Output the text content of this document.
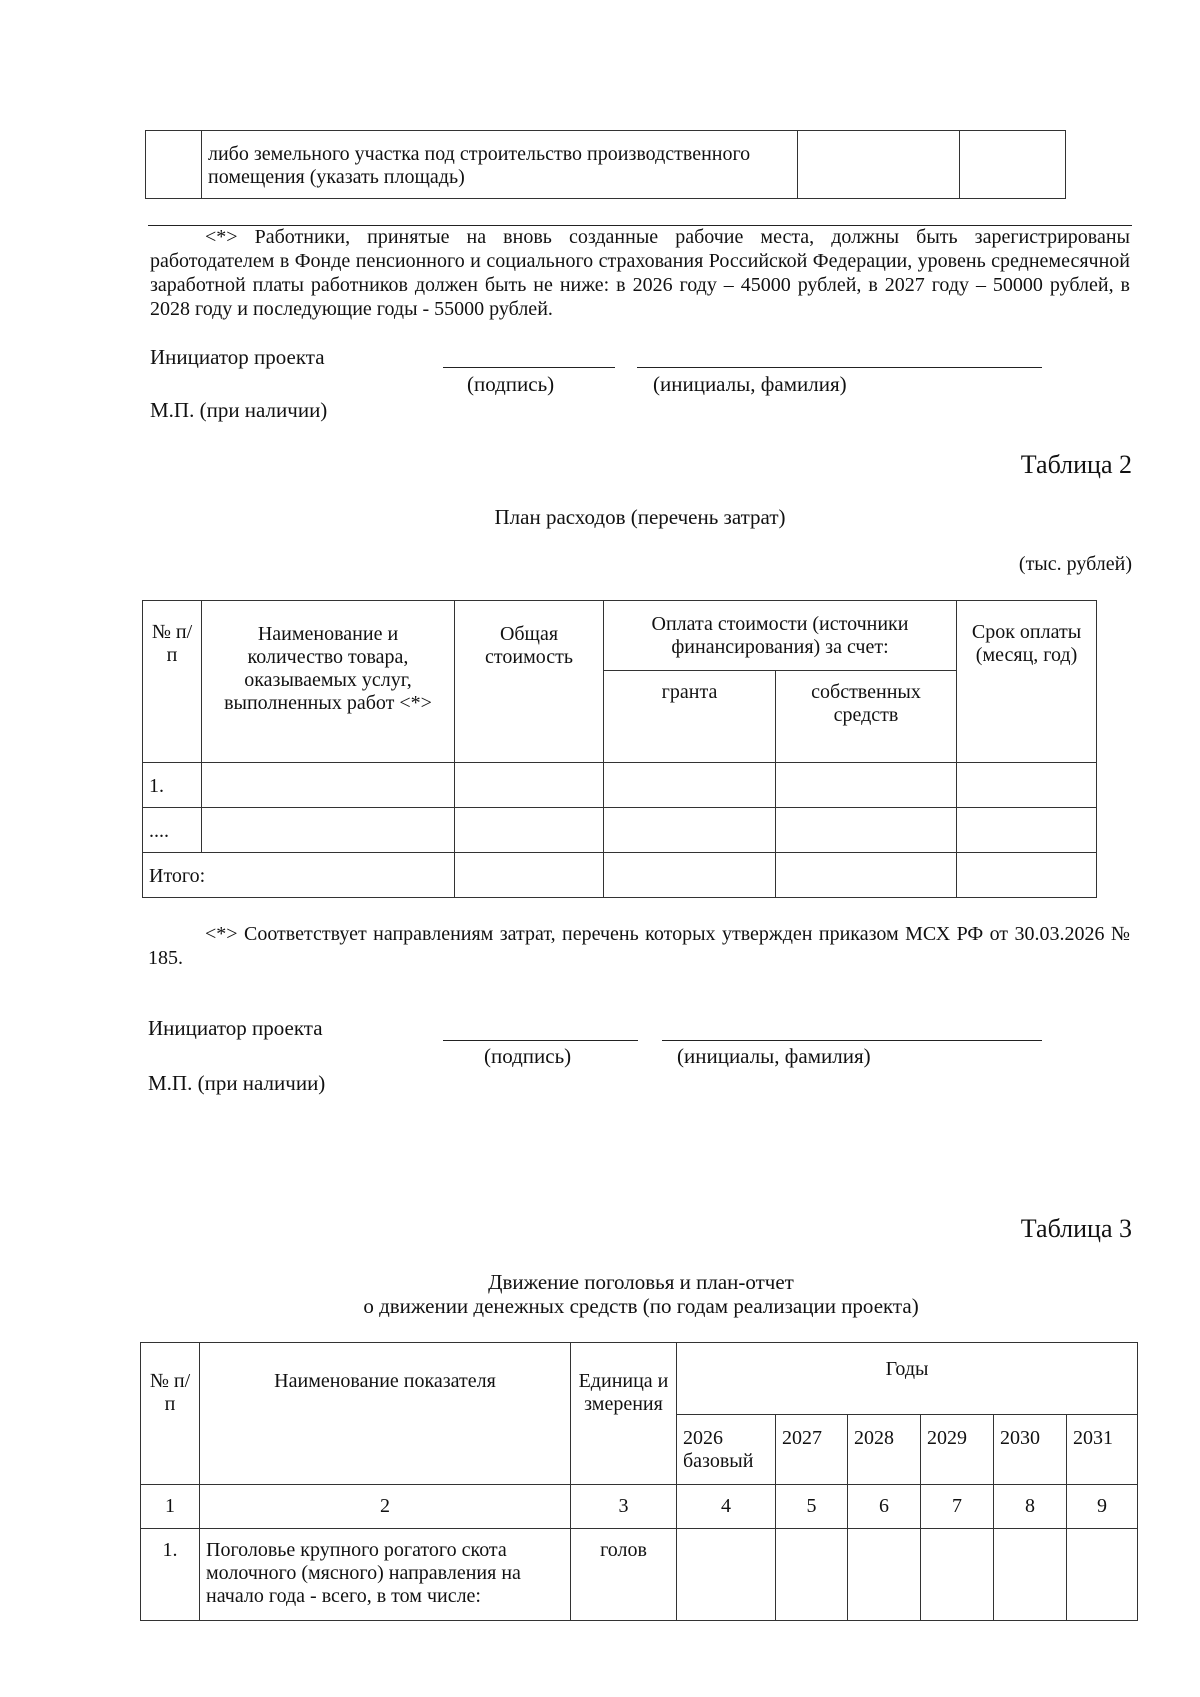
	либо земельного участка под строительство производственного помещения (указать площадь)		
<*> Работники, принятые на вновь созданные рабочие места, должны быть зарегистрированы работодателем в Фонде пенсионного и социального страхования Российской Федерации, уровень среднемесячной заработной платы работников должен быть не ниже: в 2026 году – 45000 рублей, в 2027 году – 50000 рублей, в 2028 году и последующие годы - 55000 рублей.
Инициатор проекта
(подпись)	(инициалы, фамилия)
М.П. (при наличии)
Таблица 2
План расходов (перечень затрат)
(тыс. рублей)
№ п/п	Наименование и количество товара, оказываемых услуг, выполненных работ <*>	Общая стоимость	Оплата стоимости (источники финансирования) за счет:		Срок оплаты (месяц, год)
			гранта	собственных средств	
1.					
....					
Итого:					
<*> Соответствует направлениям затрат, перечень которых утвержден приказом МСХ РФ от 30.03.2026 № 185.
Инициатор проекта
(подпись)	(инициалы, фамилия)
М.П. (при наличии)
Таблица 3
Движение поголовья и план-отчет
о движении денежных средств (по годам реализации проекта)
№ п/п	Наименование показателя	Единица измерения	Годы					
			2026 базовый	2027	2028	2029	2030	2031
1	2	3	4	5	6	7	8	9
1.	Поголовье крупного рогатого скота молочного (мясного) направления на начало года - всего, в том числе:	голов						
